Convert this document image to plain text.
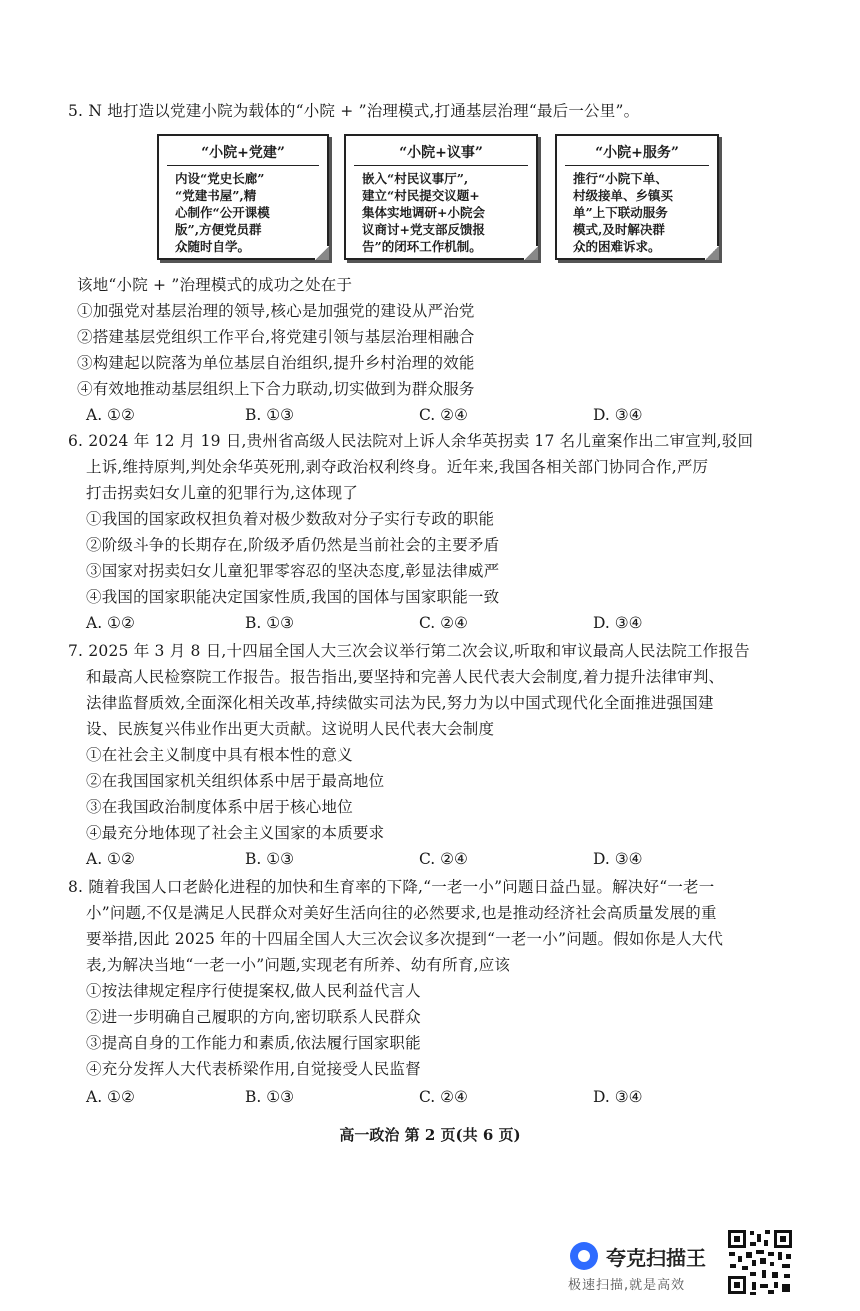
5. N 地打造以党建小院为载体的“小院 + ”治理模式,打通基层治理“最后一公里”。
“小院+党建”
内设“党史长廊”
“党建书屋”,精
心制作“公开课模
版”,方便党员群
众随时自学。
“小院+议事”
嵌入“村民议事厅”,
建立“村民提交议题+
集体实地调研+小院会
议商讨+党支部反馈报
告”的闭环工作机制。
“小院+服务”
推行“小院下单、
村级接单、乡镇买
单”上下联动服务
模式,及时解决群
众的困难诉求。
该地“小院 + ”治理模式的成功之处在于
①加强党对基层治理的领导,核心是加强党的建设从严治党
②搭建基层党组织工作平台,将党建引领与基层治理相融合
③构建起以院落为单位基层自治组织,提升乡村治理的效能
④有效地推动基层组织上下合力联动,切实做到为群众服务
A. ①②	B. ①③	C. ②④	D. ③④
6. 2024 年 12 月 19 日,贵州省高级人民法院对上诉人余华英拐卖 17 名儿童案作出二审宣判,驳回
上诉,维持原判,判处余华英死刑,剥夺政治权利终身。近年来,我国各相关部门协同合作,严厉
打击拐卖妇女儿童的犯罪行为,这体现了
①我国的国家政权担负着对极少数敌对分子实行专政的职能
②阶级斗争的长期存在,阶级矛盾仍然是当前社会的主要矛盾
③国家对拐卖妇女儿童犯罪零容忍的坚决态度,彰显法律威严
④我国的国家职能决定国家性质,我国的国体与国家职能一致
A. ①②	B. ①③	C. ②④	D. ③④
7. 2025 年 3 月 8 日,十四届全国人大三次会议举行第二次会议,听取和审议最高人民法院工作报告
和最高人民检察院工作报告。报告指出,要坚持和完善人民代表大会制度,着力提升法律审判、
法律监督质效,全面深化相关改革,持续做实司法为民,努力为以中国式现代化全面推进强国建
设、民族复兴伟业作出更大贡献。这说明人民代表大会制度
①在社会主义制度中具有根本性的意义
②在我国国家机关组织体系中居于最高地位
③在我国政治制度体系中居于核心地位
④最充分地体现了社会主义国家的本质要求
A. ①②	B. ①③	C. ②④	D. ③④
8. 随着我国人口老龄化进程的加快和生育率的下降,“一老一小”问题日益凸显。解决好“一老一
小”问题,不仅是满足人民群众对美好生活向往的必然要求,也是推动经济社会高质量发展的重
要举措,因此 2025 年的十四届全国人大三次会议多次提到“一老一小”问题。假如你是人大代
表,为解决当地“一老一小”问题,实现老有所养、幼有所育,应该
①按法律规定程序行使提案权,做人民利益代言人
②进一步明确自己履职的方向,密切联系人民群众
③提高自身的工作能力和素质,依法履行国家职能
④充分发挥人大代表桥梁作用,自觉接受人民监督
A. ①②	B. ①③	C. ②④	D. ③④
高一政治 第 2 页(共 6 页)
夸克扫描王
极速扫描,就是高效
